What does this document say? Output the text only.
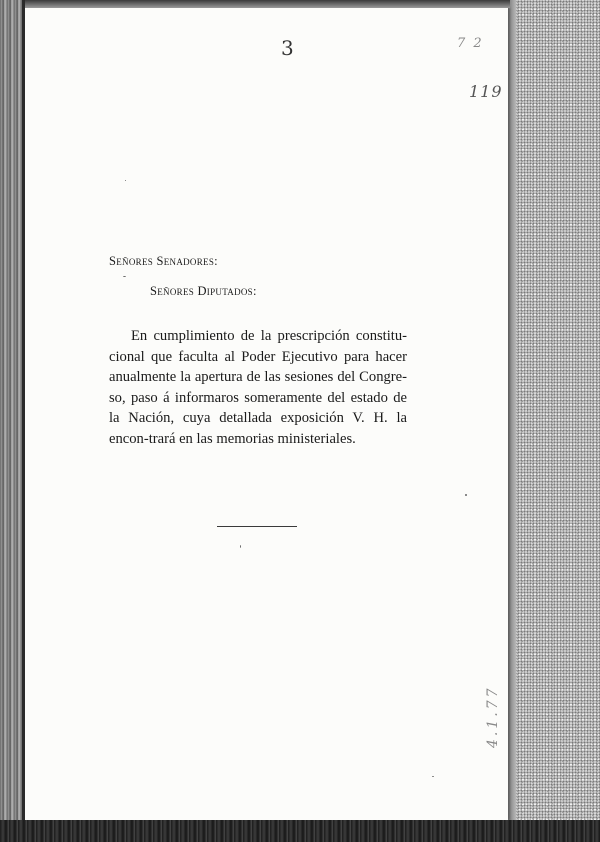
3	7 2
119
Señores Senadores:
Señores Diputados:
En cumplimiento de la prescripción constitu-cional que faculta al Poder Ejecutivo para hacer anualmente la apertura de las sesiones del Congre-so, paso á informaros someramente del estado de la Nación, cuya detallada exposición V. H. la encon-trará en las memorias ministeriales.
4.1.77
